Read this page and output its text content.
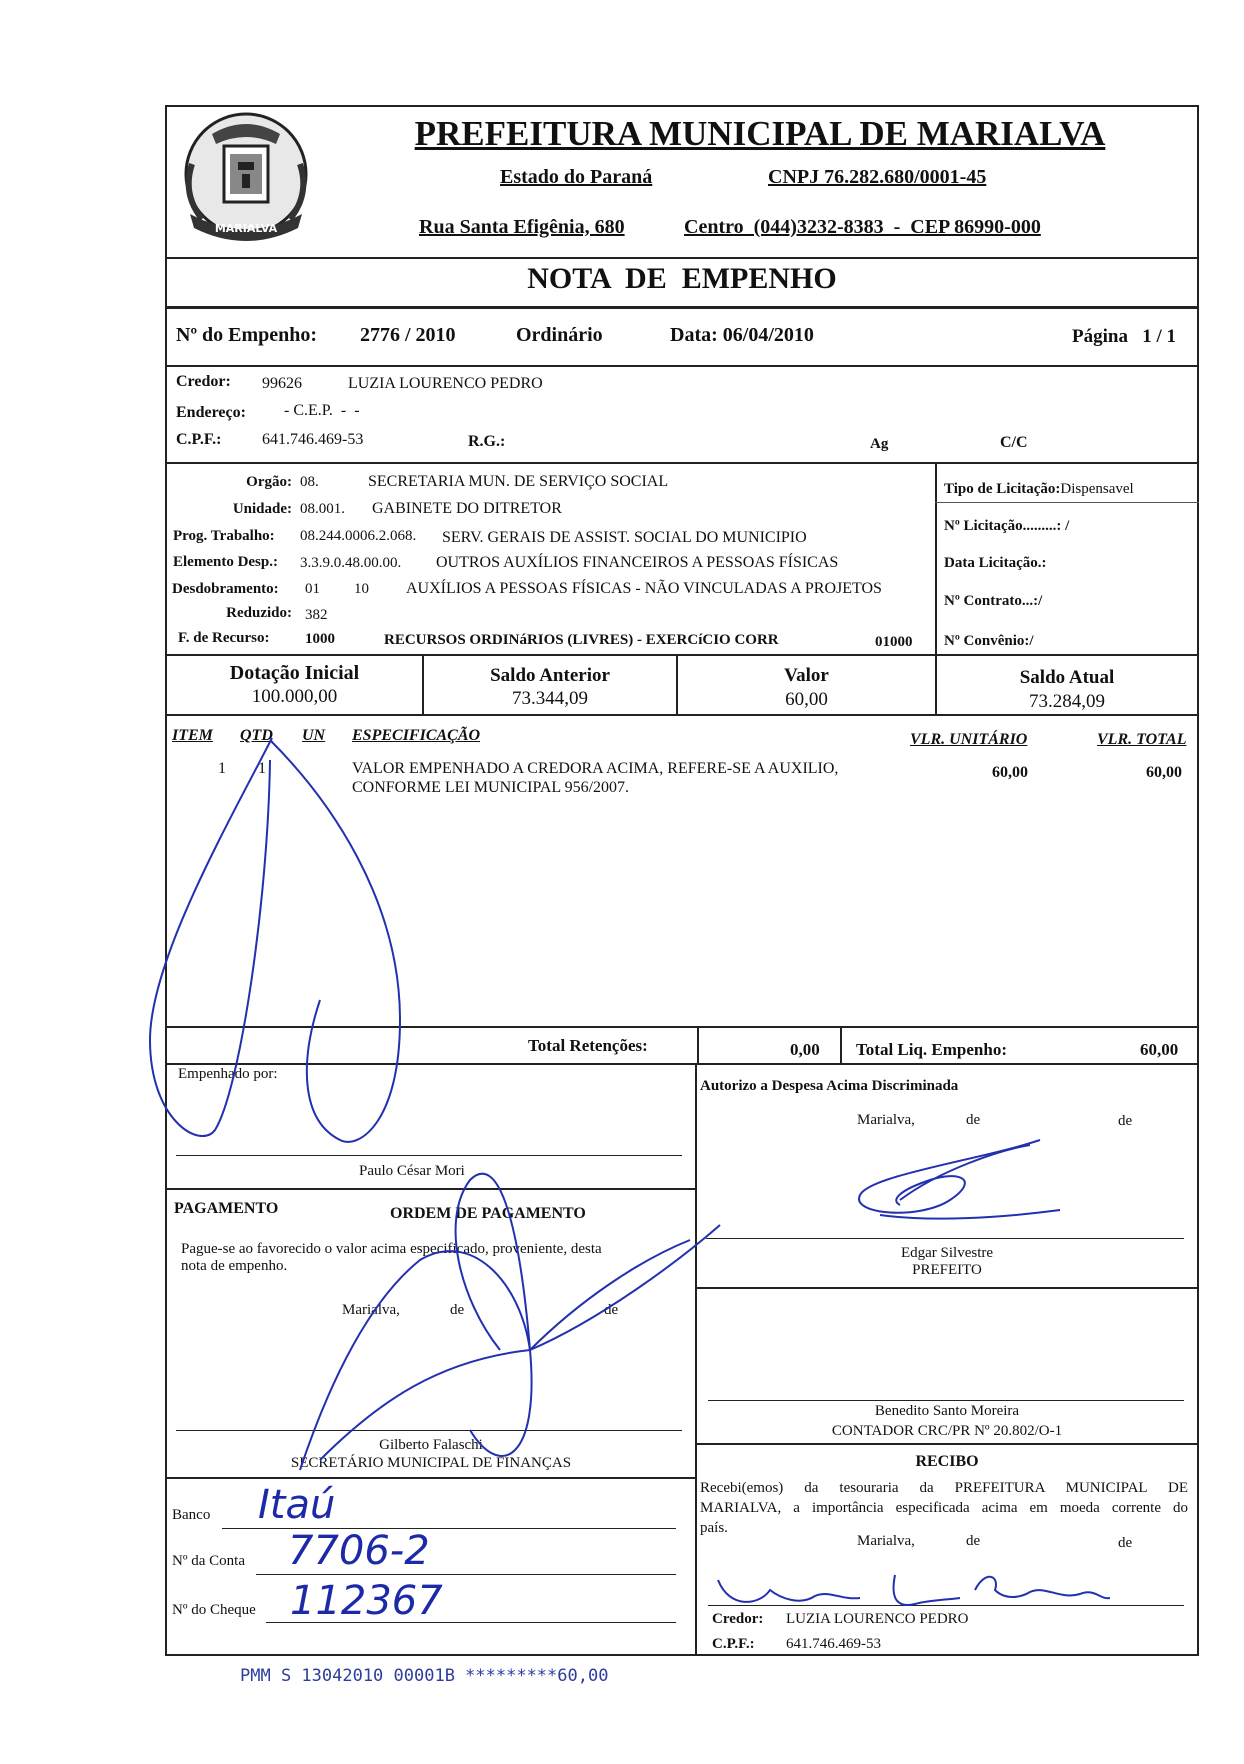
MARIALVA
PREFEITURA MUNICIPAL DE MARIALVA
Estado do Paraná	CNPJ 76.282.680/0001-45
Rua Santa Efigênia, 680	Centro  (044)3232-8383  -  CEP 86990-000
NOTA  DE  EMPENHO
Nº do Empenho: 2776 / 2010	Ordinário	Data: 06/04/2010	Página   1 / 1
Credor: 99626	LUZIA LOURENCO PEDRO
Endereço: - C.E.P.  -  -
C.P.F.:	641.746.469-53	R.G.:	Ag	C/C
Orgão: 08.	SECRETARIA MUN. DE SERVIÇO SOCIAL
Unidade: 08.001. GABINETE DO DITRETOR
Prog. Trabalho: 08.244.0006.2.068. SERV. GERAIS DE ASSIST. SOCIAL DO MUNICIPIO
Elemento Desp.: 3.3.9.0.48.00.00. OUTROS AUXÍLIOS FINANCEIROS A PESSOAS FÍSICAS
Desdobramento: 01 10 AUXÍLIOS A PESSOAS FÍSICAS - NÃO VINCULADAS A PROJETOS
Reduzido: 382
F. de Recurso: 1000	RECURSOS ORDINáRIOS (LIVRES) - EXERCíCIO CORR	01000
Tipo de Licitação:Dispensavel
Nº Licitação.........: /
Data Licitação.:
Nº Contrato...:/
Nº Convênio:/
Dotação Inicial
100.000,00
Saldo Anterior
73.344,09
Valor
60,00
Saldo Atual
73.284,09
ITEM QTD UN ESPECIFICAÇÃO	VLR. UNITÁRIO	VLR. TOTAL
1 1	VALOR EMPENHADO A CREDORA ACIMA, REFERE-SE A AUXILIO,
CONFORME LEI MUNICIPAL 956/2007.
60,00	60,00
Total Retenções:	0,00 Total Liq. Empenho:	60,00
Empenhado por:
Paulo César Mori
Autorizo a Despesa Acima Discriminada
Marialva,	de	de
Edgar Silvestre
PREFEITO
PAGAMENTO	ORDEM DE PAGAMENTO
Pague-se ao favorecido o valor acima especificado, proveniente, desta
nota de empenho.
Marialva,	de	de
Gilberto Falaschi
SECRETÁRIO MUNICIPAL DE FINANÇAS
Benedito Santo Moreira
CONTADOR CRC/PR Nº 20.802/O-1
RECIBO
Recebi(emos) da tesouraria da PREFEITURA MUNICIPAL DE
MARIALVA, a importância especificada acima em moeda corrente do
país.
Marialva,	de	de
Credor: LUZIA LOURENCO PEDRO
C.P.F.: 641.746.469-53
Banco Itaú
Nº da Conta 7706-2
Nº do Cheque 112367
PMM S 13042010 00001B *********60,00
